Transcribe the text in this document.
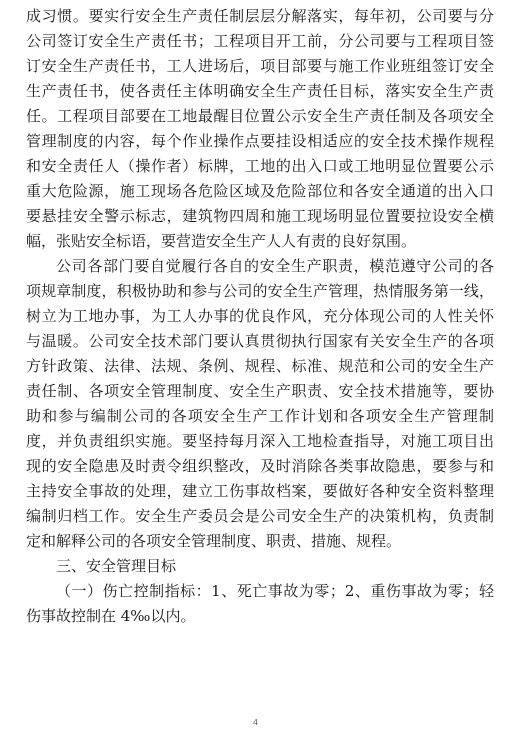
成习惯。要实行安全生产责任制层层分解落实，每年初，公司要与分
公司签订安全生产责任书；工程项目开工前，分公司要与工程项目签
订安全生产责任书，工人进场后，项目部要与施工作业班组签订安全
生产责任书，使各责任主体明确安全生产责任目标，落实安全生产责
任。工程项目部要在工地最醒目位置公示安全生产责任制及各项安全
管理制度的内容，每个作业操作点要挂设相适应的安全技术操作规程
和安全责任人（操作者）标牌，工地的出入口或工地明显位置要公示
重大危险源，施工现场各危险区域及危险部位和各安全通道的出入口
要悬挂安全警示标志，建筑物四周和施工现场明显位置要拉设安全横
幅，张贴安全标语，要营造安全生产人人有责的良好氛围。
公司各部门要自觉履行各自的安全生产职责，模范遵守公司的各
项规章制度，积极协助和参与公司的安全生产管理，热情服务第一线，
树立为工地办事，为工人办事的优良作风，充分体现公司的人性关怀
与温暖。公司安全技术部门要认真贯彻执行国家有关安全生产的各项
方针政策、法律、法规、条例、规程、标准、规范和公司的安全生产
责任制、各项安全管理制度、安全生产职责、安全技术措施等，要协
助和参与编制公司的各项安全生产工作计划和各项安全生产管理制
度，并负责组织实施。要坚持每月深入工地检查指导，对施工项目出
现的安全隐患及时责令组织整改，及时消除各类事故隐患，要参与和
主持安全事故的处理，建立工伤事故档案，要做好各种安全资料整理
编制归档工作。安全生产委员会是公司安全生产的决策机构，负责制
定和解释公司的各项安全管理制度、职责、措施、规程。
三、安全管理目标
（一）伤亡控制指标：1、死亡事故为零；2、重伤事故为零；轻
伤事故控制在 4‰以内。
4
